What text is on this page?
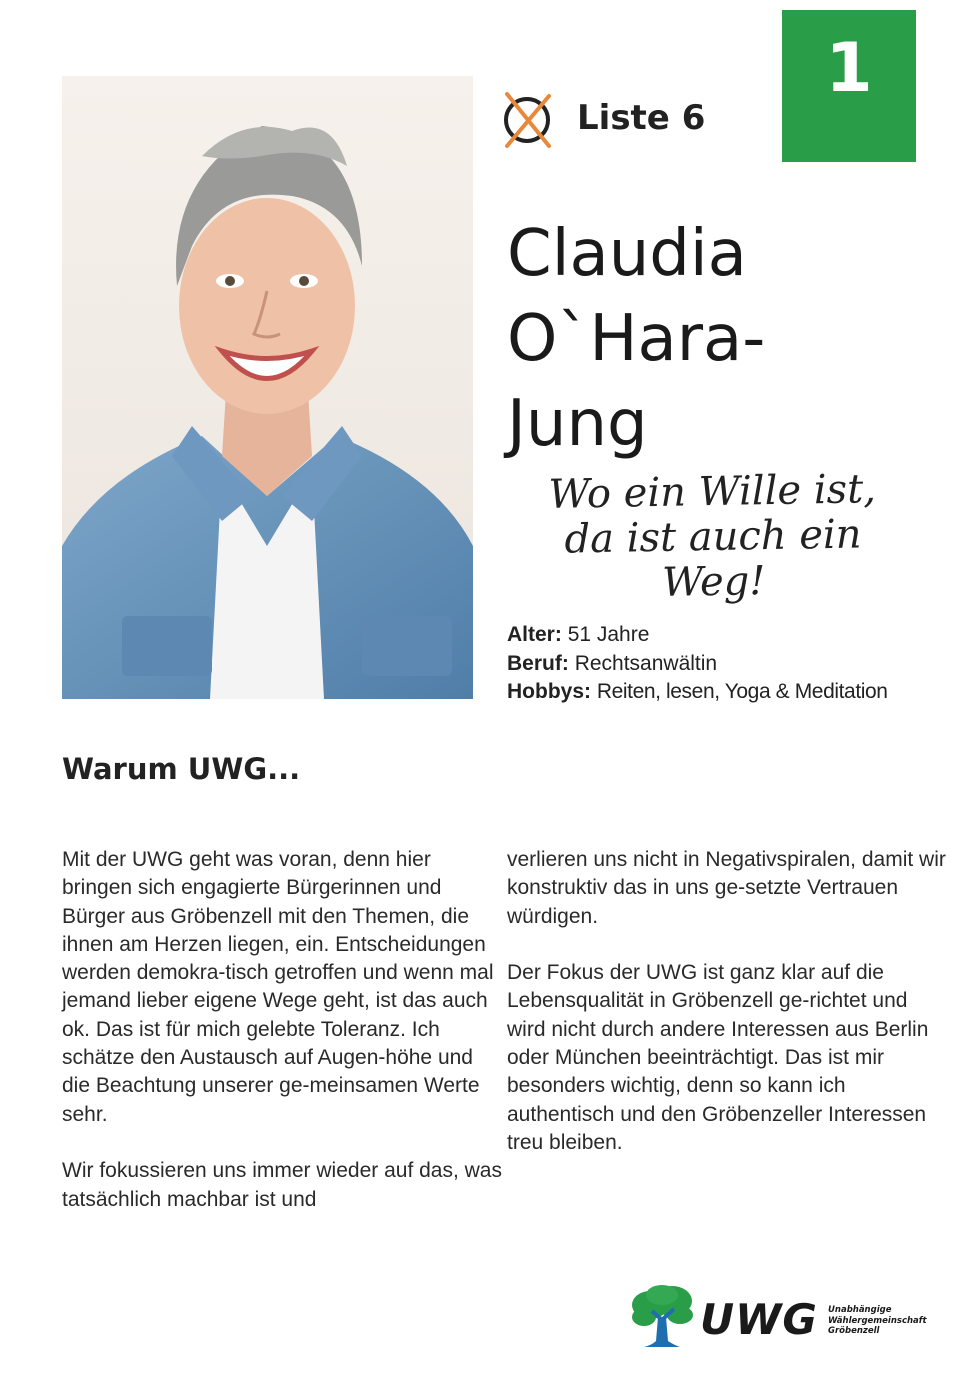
Liste 6
1
Claudia
O`Hara-
Jung
Wo ein Wille ist,
da ist auch ein
Weg!
Alter: 51 Jahre
Beruf: Rechtsanwältin
Hobbys: Reiten, lesen, Yoga & Meditation
Warum UWG...

Mit der UWG geht was voran, denn hier bringen sich engagierte Bürgerinnen und Bürger aus Gröbenzell mit den Themen, die ihnen am Herzen liegen, ein. Entscheidungen werden demokra-tisch getroffen und wenn mal jemand lieber eigene Wege geht, ist das auch ok. Das ist für mich gelebte Toleranz. Ich schätze den Austausch auf Augen-höhe und die Beachtung unserer ge-meinsamen Werte sehr.

Wir fokussieren uns immer wieder auf das, was tatsächlich machbar ist und

verlieren uns nicht in Negativspiralen, damit wir konstruktiv das in uns ge-setzte Vertrauen würdigen.

Der Fokus der UWG ist ganz klar auf die Lebensqualität in Gröbenzell ge-richtet und wird nicht durch andere Interessen aus Berlin oder München beeinträchtigt. Das ist mir besonders wichtig, denn so kann ich authentisch und den Gröbenzeller Interessen treu bleiben.

UWG Unabhängige
Wählergemeinschaft
Gröbenzell
